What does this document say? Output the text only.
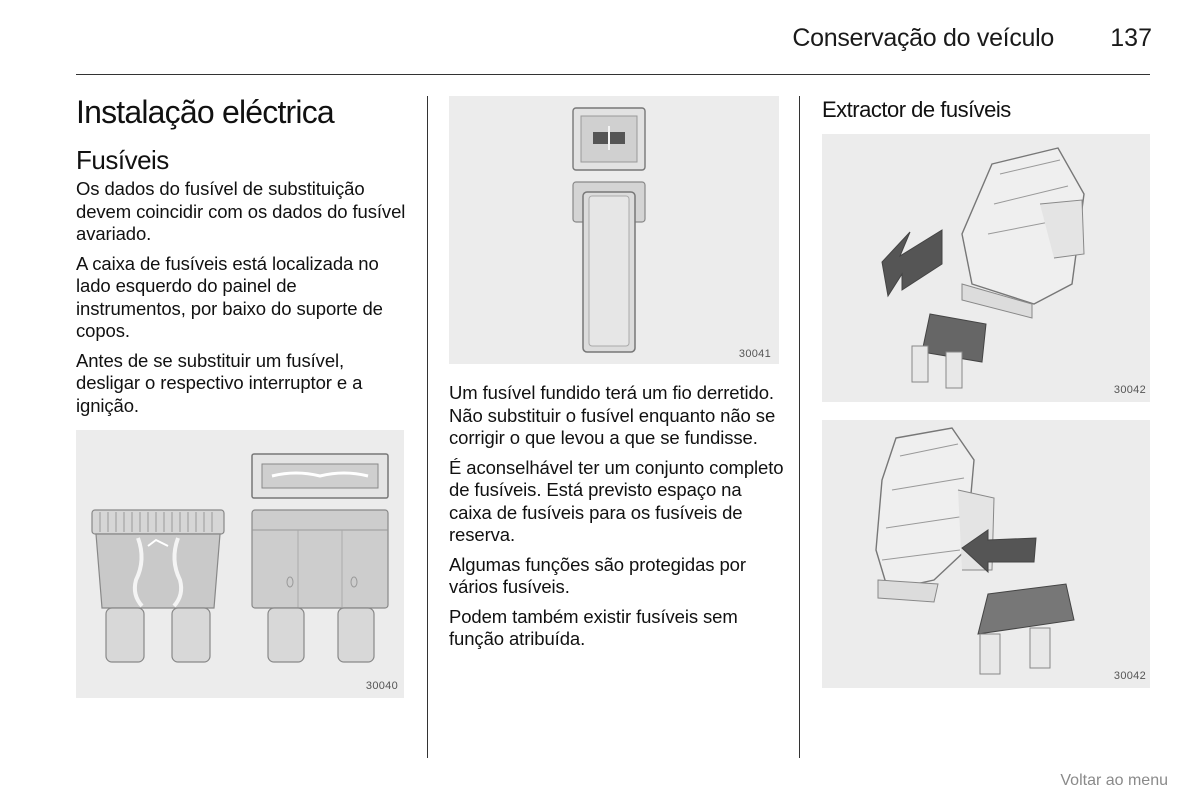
Conservação do veículo 137
Instalação eléctrica
Fusíveis

Os dados do fusível de substituição devem coincidir com os dados do fusível avariado.

A caixa de fusíveis está localizada no lado esquerdo do painel de instrumentos, por baixo do suporte de copos.

Antes de se substituir um fusível, desligar o respectivo interruptor e a ignição.

30040
30041

Um fusível fundido terá um fio derretido. Não substituir o fusível enquanto não se corrigir o que levou a que se fundisse.

É aconselhável ter um conjunto completo de fusíveis. Está previsto espaço na caixa de fusíveis para os fusíveis de reserva.

Algumas funções são protegidas por vários fusíveis.

Podem também existir fusíveis sem função atribuída.

Extractor de fusíveis
30042
30042
Voltar ao menu
